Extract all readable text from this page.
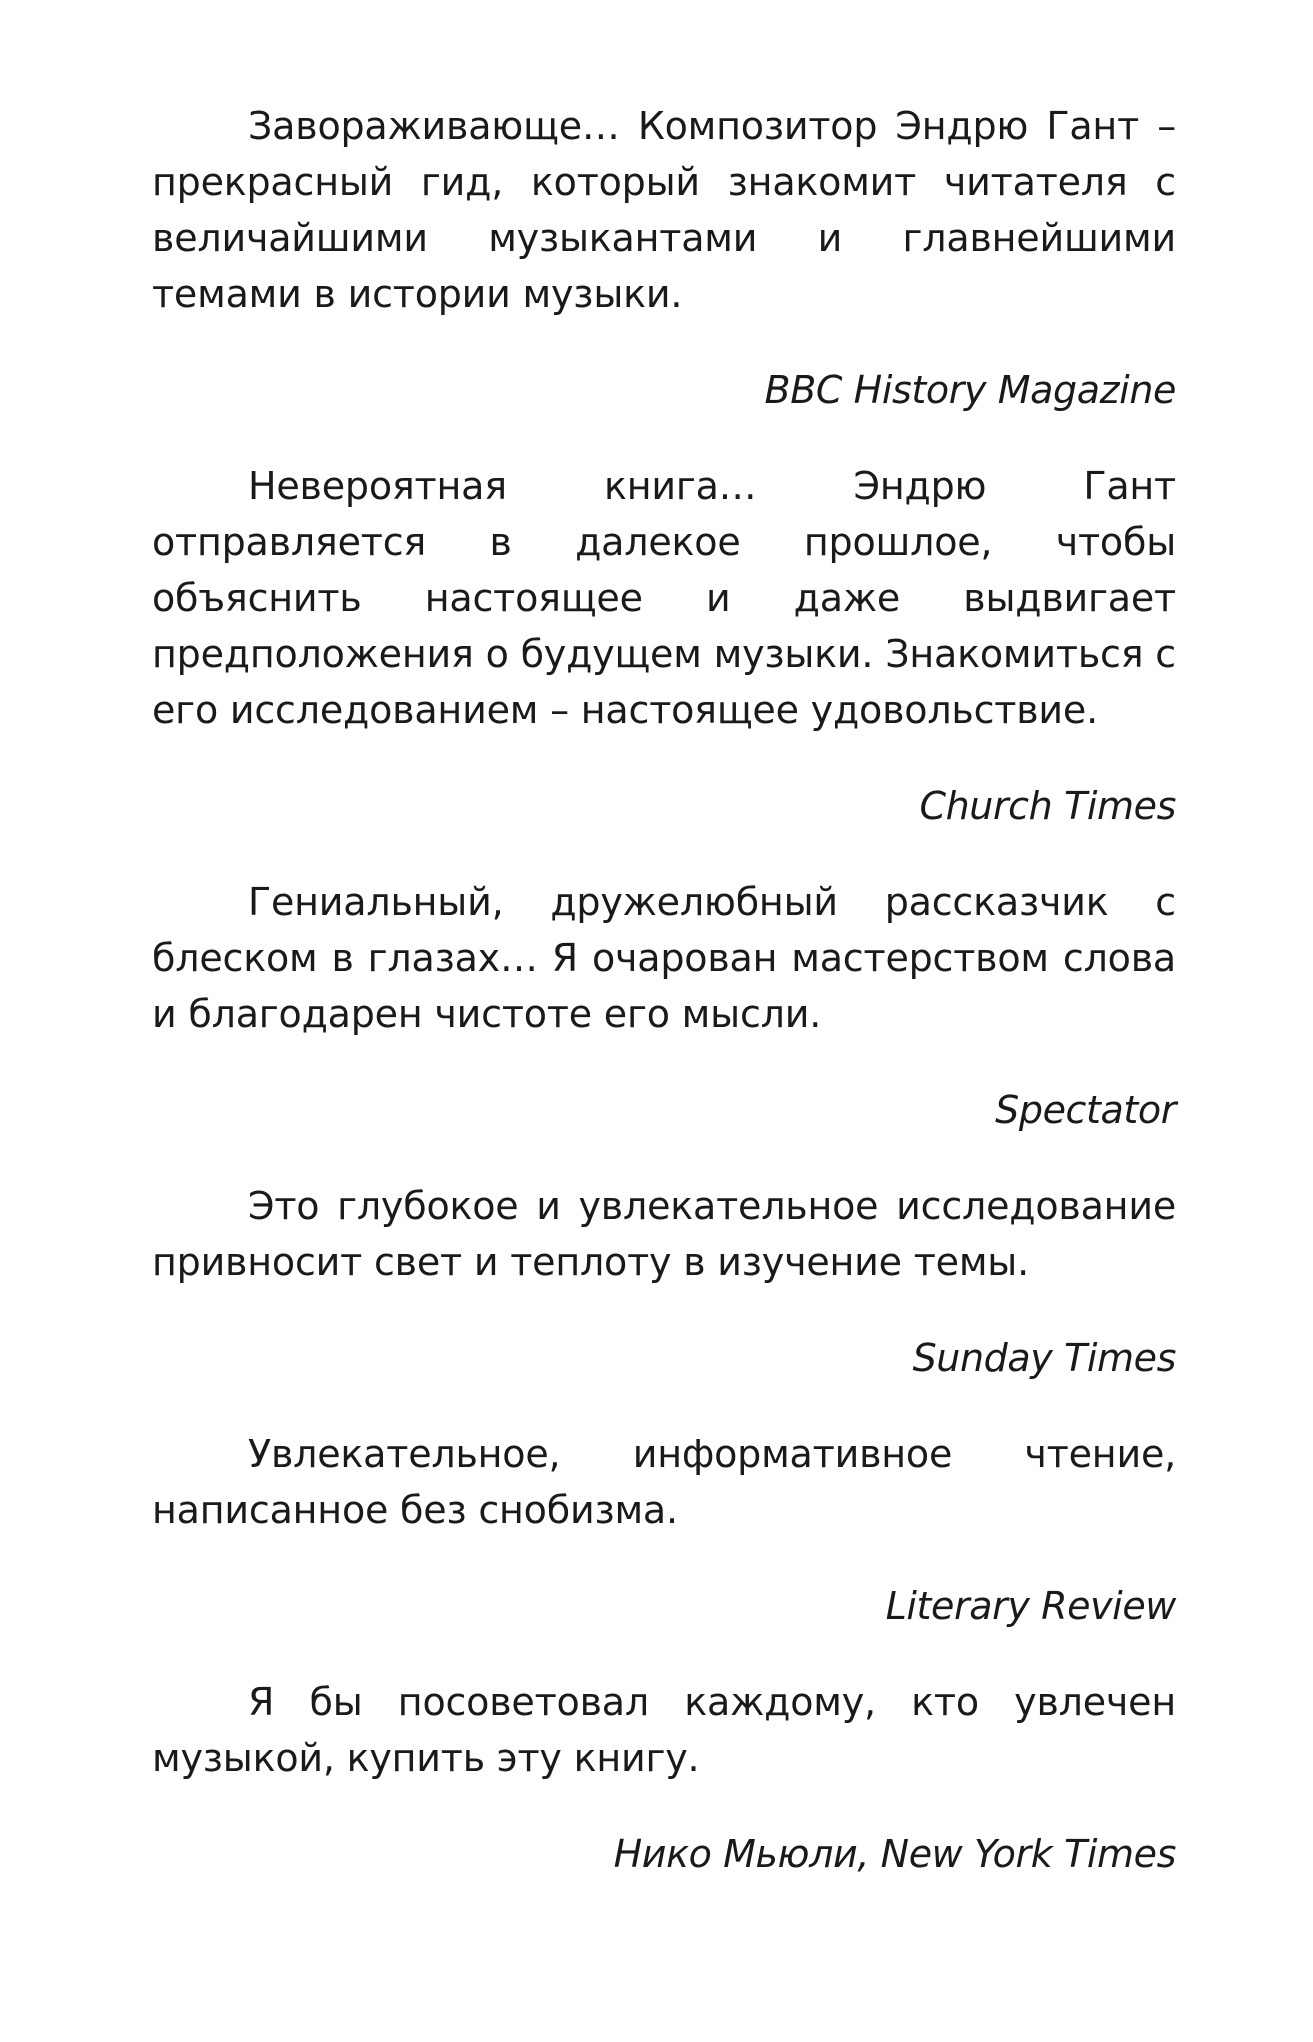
Завораживающе… Композитор Эндрю Гант – прекрасный гид, который знакомит читателя с величайшими музыкантами и главнейшими темами в истории музыки.

BBC History Magazine

Невероятная книга… Эндрю Гант отправляется в далекое прошлое, чтобы объяснить настоящее и даже выдвигает предположения о будущем музыки. Знакомиться с его исследованием – настоящее удовольствие.

Church Times

Гениальный, дружелюбный рассказчик с блеском в глазах… Я очарован мастерством слова и благодарен чистоте его мысли.

Spectator

Это глубокое и увлекательное исследование привносит свет и теплоту в изучение темы.

Sunday Times

Увлекательное, информативное чтение, написанное без снобизма.

Literary Review

Я бы посоветовал каждому, кто увлечен музыкой, купить эту книгу.

Нико Мьюли, New York Times
